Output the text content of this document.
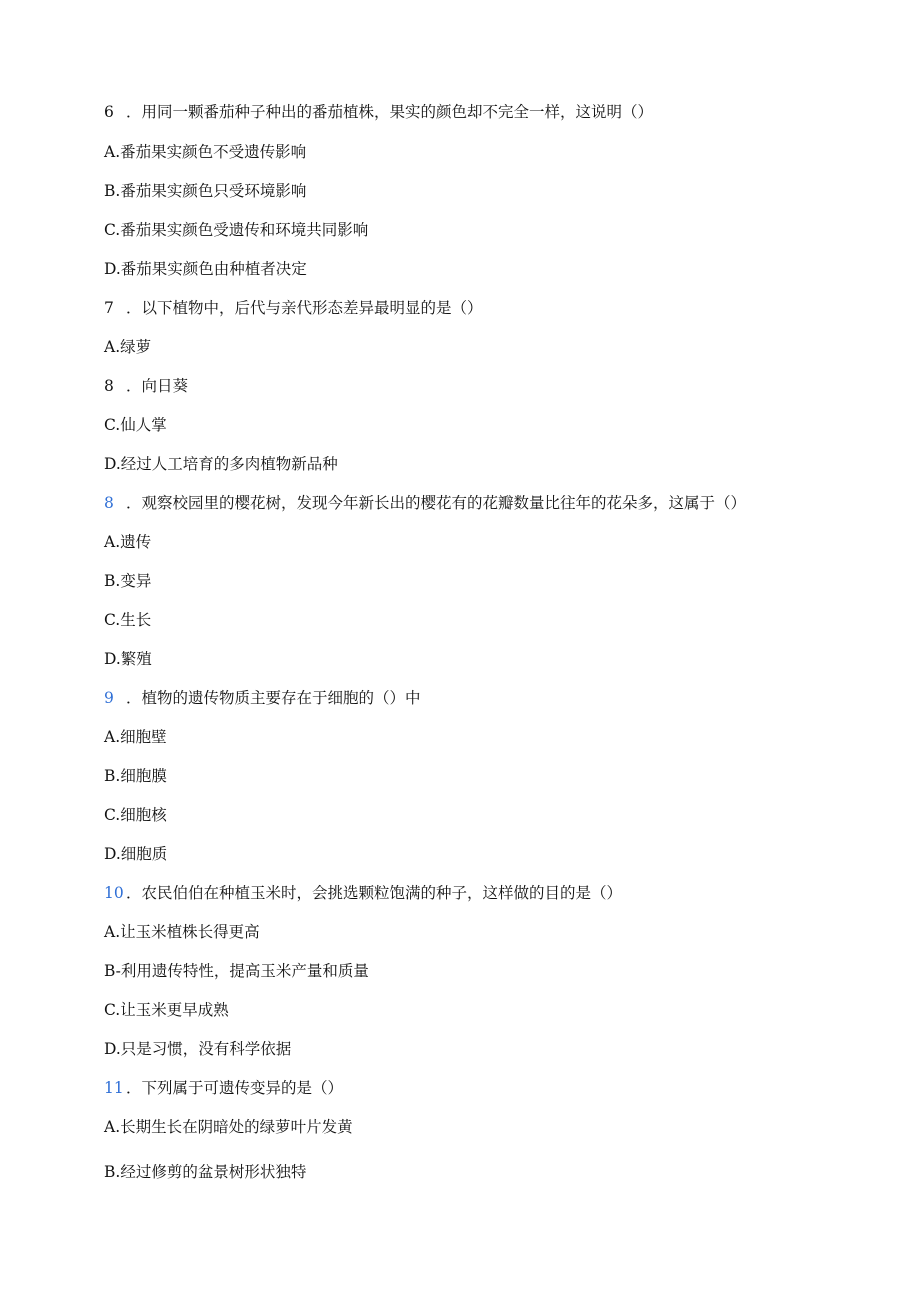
6 ．用同一颗番茄种子种出的番茄植株，果实的颜色却不完全一样，这说明（）
A.番茄果实颜色不受遗传影响
B.番茄果实颜色只受环境影响
C.番茄果实颜色受遗传和环境共同影响
D.番茄果实颜色由种植者决定
7 ．以下植物中，后代与亲代形态差异最明显的是（）
A.绿萝
8 ．向日葵
C.仙人掌
D.经过人工培育的多肉植物新品种
8 ．观察校园里的樱花树，发现今年新长出的樱花有的花瓣数量比往年的花朵多，这属于（）
A.遗传
B.变异
C.生长
D.繁殖
9 ．植物的遗传物质主要存在于细胞的（）中
A.细胞壁
B.细胞膜
C.细胞核
D.细胞质
10 ．农民伯伯在种植玉米时，会挑选颗粒饱满的种子，这样做的目的是（）
A.让玉米植株长得更高
B-利用遗传特性，提高玉米产量和质量
C.让玉米更早成熟
D.只是习惯，没有科学依据
11 ．下列属于可遗传变异的是（）
A.长期生长在阴暗处的绿萝叶片发黄
B.经过修剪的盆景树形状独特
